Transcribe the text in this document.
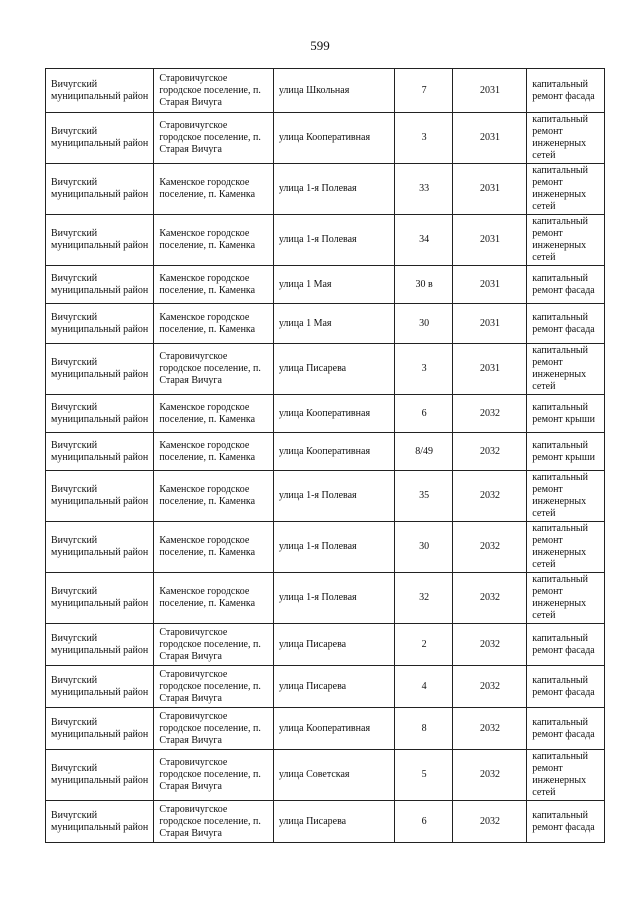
599
Вичугский муниципальный район	Старовичугское городское поселение, п. Старая Вичуга	улица Школьная	7	2031	капитальный ремонт фасада

Вичугский муниципальный район	Старовичугское городское поселение, п. Старая Вичуга	улица Кооперативная	3	2031	капитальный ремонт инженерных сетей

Вичугский муниципальный район	Каменское городское поселение, п. Каменка	улица 1-я Полевая	33	2031	капитальный ремонт инженерных сетей

Вичугский муниципальный район	Каменское городское поселение, п. Каменка	улица 1-я Полевая	34	2031	капитальный ремонт инженерных сетей

Вичугский муниципальный район	Каменское городское поселение, п. Каменка	улица 1 Мая	30 в	2031	капитальный ремонт фасада

Вичугский муниципальный район	Каменское городское поселение, п. Каменка	улица 1 Мая	30	2031	капитальный ремонт фасада

Вичугский муниципальный район	Старовичугское городское поселение, п. Старая Вичуга	улица Писарева	3	2031	капитальный ремонт инженерных сетей

Вичугский муниципальный район	Каменское городское поселение, п. Каменка	улица Кооперативная	6	2032	капитальный ремонт крыши

Вичугский муниципальный район	Каменское городское поселение, п. Каменка	улица Кооперативная	8/49	2032	капитальный ремонт крыши

Вичугский муниципальный район	Каменское городское поселение, п. Каменка	улица 1-я Полевая	35	2032	капитальный ремонт инженерных сетей

Вичугский муниципальный район	Каменское городское поселение, п. Каменка	улица 1-я Полевая	30	2032	капитальный ремонт инженерных сетей

Вичугский муниципальный район	Каменское городское поселение, п. Каменка	улица 1-я Полевая	32	2032	капитальный ремонт инженерных сетей

Вичугский муниципальный район	Старовичугское городское поселение, п. Старая Вичуга	улица Писарева	2	2032	капитальный ремонт фасада

Вичугский муниципальный район	Старовичугское городское поселение, п. Старая Вичуга	улица Писарева	4	2032	капитальный ремонт фасада

Вичугский муниципальный район	Старовичугское городское поселение, п. Старая Вичуга	улица Кооперативная	8	2032	капитальный ремонт фасада

Вичугский муниципальный район	Старовичугское городское поселение, п. Старая Вичуга	улица Советская	5	2032	капитальный ремонт инженерных сетей

Вичугский муниципальный район	Старовичугское городское поселение, п. Старая Вичуга	улица Писарева	6	2032	капитальный ремонт фасада
